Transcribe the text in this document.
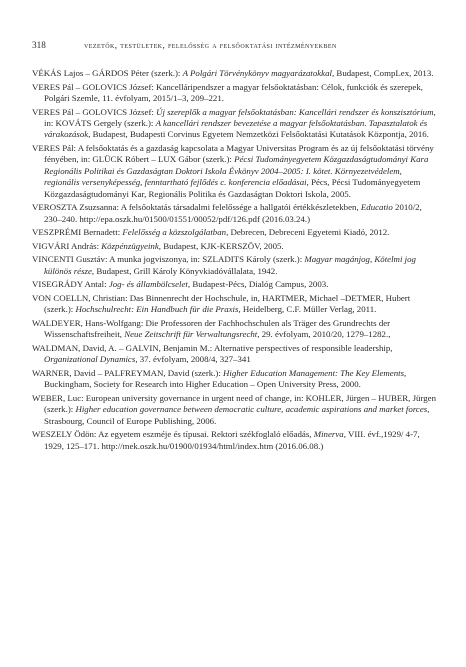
318	vezetők, testületek, felelősség a felsőoktatási intézményekben

VÉKÁS Lajos – GÁRDOS Péter (szerk.): A Polgári Törvénykönyv magyarázatokkal, Budapest, CompLex, 2013.

VERES Pál – GOLOVICS József: Kancelláriрendszer a magyar felsőoktatásban: Célok, funkciók és szerepek, Polgári Szemle, 11. évfolyam, 2015/1–3, 209–221.

VERES Pál – GOLOVICS József: Új szereplők a magyar felsőoktatásban: Kancellári rendszer és konszisztórium, in: KOVÁTS Gergely (szerk.): A kancellári rendszer bevezetése a magyar felsőoktatásban. Tapasztalatok és várakozások, Budapest, Budapesti Corvinus Egyetem Nemzetközi Felsőoktatási Kutatások Központja, 2016.

VERES Pál: A felsőoktatás és a gazdaság kapcsolata a Magyar Universitas Program és az új felsőoktatási törvény fényében, in: GLÜCK Róbert – LUX Gábor (szerk.): Pécsi Tudományegyetem Közgazdaságtudományi Kara Regionális Politikai és Gazdaságtan Doktori Iskola Évkönyv 2004–2005: I. kötet. Környezetvédelem, regionális versenyképesség, fenntartható fejlődés c. konferencia előadásai, Pécs, Pécsi Tudományegyetem Közgazdaságtudományi Kar, Regionális Politika és Gazdaságtan Doktori Iskola, 2005.

VEROSZTA Zsuzsanna: A felsőoktatás társadalmi felelőssége a hallgatói értékkészletekben, Educatio 2010/2, 230–240. http://epa.oszk.hu/01500/01551/00052/pdf/126.pdf (2016.03.24.)

VESZPRÉMI Bernadett: Felelősség a közszolgálatban, Debrecen, Debreceni Egyetemi Kiadó, 2012.

VIGVÁRI András: Közpénzügyeink, Budapest, KJK-KERSZÖV, 2005.

VINCENTI Gusztáv: A munka jogviszonya, in: SZLADITS Károly (szerk.): Magyar magánjog, Kötelmi jog különös része, Budapest, Grill Károly Könyvkiadóvállalata, 1942.

VISEGRÁDY Antal: Jog- és állambölcselet, Budapest-Pécs, Dialóg Campus, 2003.

VON COELLN, Christian: Das Binnenrecht der Hochschule, in, HARTMER, Michael –DETMER, Hubert (szerk.): Hochschulrecht: Ein Handbuch für die Praxis, Heidelberg, C.F. Müller Verlag, 2011.

WALDEYER, Hans-Wolfgang: Die Professoren der Fachhochschulen als Träger des Grundrechts der Wissenschaftsfreiheit, Neue Zeitschrift für Verwaltungsrecht, 29. évfolyam, 2010/20, 1279–1282.,

WALDMAN, David, A. – GALVIN, Benjamin M.: Alternative perspectives of responsible leadership, Organizational Dynamics, 37. évfolyam, 2008/4, 327–341

WARNER, David – PALFREYMAN, David (szerk.): Higher Education Management: The Key Elements, Buckingham, Society for Research into Higher Education – Open University Press, 2000.

WEBER, Luc: European university governance in urgent need of change, in: KOHLER, Jürgen – HUBER, Jürgen (szerk.): Higher education governance between democratic culture, academic aspirations and market forces, Strasbourg, Council of Europe Publishing, 2006.

WESZELY Ödön: Az egyetem eszméje és típusai. Rektori székfoglaló előadás, Minerva, VIII. évf.,1929/ 4-7, 1929, 125–171. http://mek.oszk.hu/01900/01934/html/index.htm (2016.06.08.)
